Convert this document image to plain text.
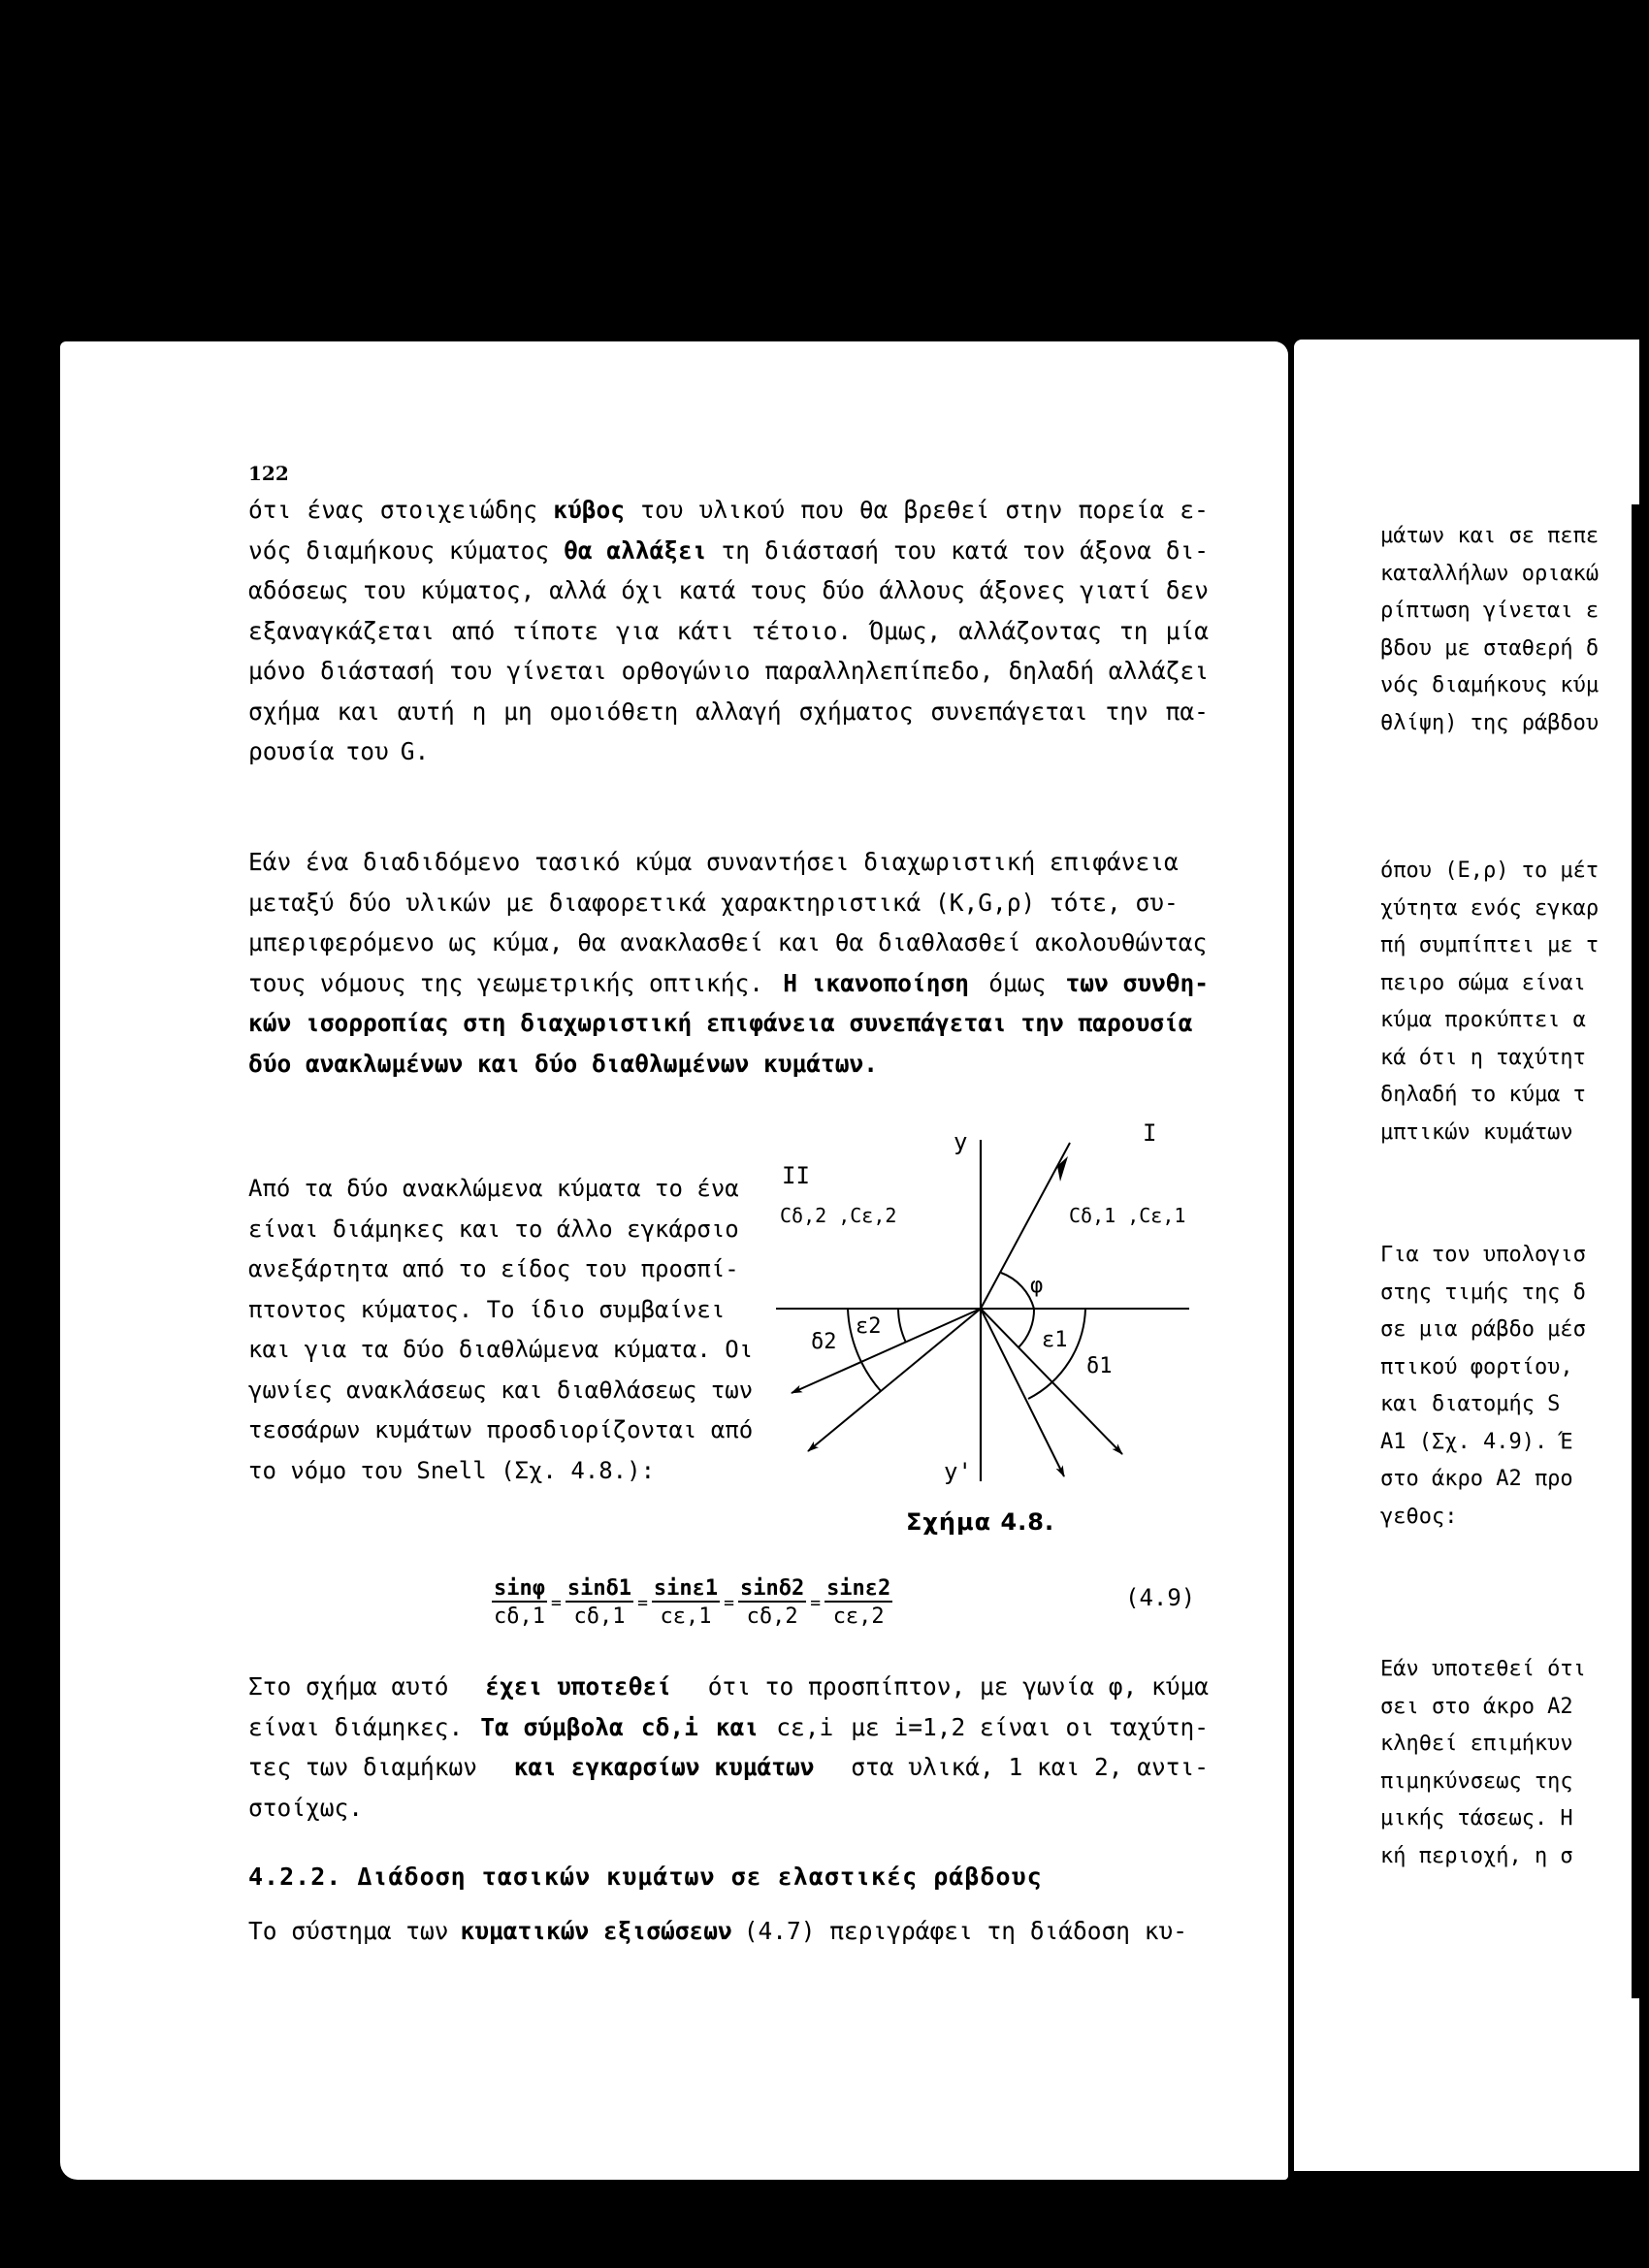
122
ότι ένας στοιχειώδης κύβος του υλικού που θα βρεθεί στην πορεία ε-
νός διαμήκους κύματος θα αλλάξει τη διάστασή του κατά τον άξονα δι-
αδόσεως του κύματος, αλλά όχι κατά τους δύο άλλους άξονες γιατί δεν
εξαναγκάζεται από τίποτε για κάτι τέτοιο. Όμως, αλλάζοντας τη μία
μόνο διάστασή του γίνεται ορθογώνιο παραλληλεπίπεδο, δηλαδή αλλάζει
σχήμα και αυτή η μη ομοιόθετη αλλαγή σχήματος συνεπάγεται την πα-
ρουσία του G.
Εάν ένα διαδιδόμενο τασικό κύμα συναντήσει διαχωριστική επιφάνεια
μεταξύ δύο υλικών με διαφορετικά χαρακτηριστικά (K,G,ρ) τότε, συ-
μπεριφερόμενο ως κύμα, θα ανακλασθεί και θα διαθλασθεί ακολουθώντας
τους νόμους της γεωμετρικής οπτικής. Η ικανοποίηση όμως των συνθη-
κών ισορροπίας στη διαχωριστική επιφάνεια συνεπάγεται την παρουσία
δύο ανακλωμένων και δύο διαθλωμένων κυμάτων.
Από τα δύο ανακλώμενα κύματα το ένα
είναι διάμηκες και το άλλο εγκάρσιο
ανεξάρτητα από το είδος του προσπί-
πτοντος κύματος. Το ίδιο συμβαίνει
και για τα δύο διαθλώμενα κύματα. Οι
γωνίες ανακλάσεως και διαθλάσεως των
τεσσάρων κυμάτων προσδιορίζονται από
το νόμο του Snell (Σχ. 4.8.):
y
y'
I
II
Cδ,1 ,Cε,1
Cδ,2 ,Cε,2
φ
ε1
δ1
ε2
δ2
Σχήμα 4.8.
$\frac{\sin\varphi}{c\delta,1} = \frac{\sin\delta 1}{c\delta,1} = \frac{\sin\varepsilon 1}{c\varepsilon,1} = \frac{\sin\delta 2}{c\delta,2} = \frac{\sin\varepsilon 2}{c\varepsilon,2}$	(4.9)
Στο σχήμα αυτό έχει υποτεθεί ότι το προσπίπτον, με γωνία φ, κύμα
είναι διάμηκες. Τα σύμβολα cδ,i και cε,i με i=1,2 είναι οι ταχύτη-
τες των διαμήκων και εγκαρσίων κυμάτων στα υλικά, 1 και 2, αντι-
στοίχως.
4.2.2. Διάδοση τασικών κυμάτων σε ελαστικές ράβδους
Το σύστημα των κυματικών εξισώσεων (4.7) περιγράφει τη διάδοση κυ-
μάτων και σε πεπε
καταλλήλων οριακώ
ρίπτωση γίνεται ε
βδου με σταθερή δ
νός διαμήκους κύμ
θλίψη) της ράβδου
όπου (E,ρ) το μέτ
χύτητα ενός εγκαρ
πή συμπίπτει με τ
πειρο σώμα είναι
κύμα προκύπτει α
κά ότι η ταχύτητ
δηλαδή το κύμα τ
μπτικών κυμάτων
Για τον υπολογισ
στης τιμής της δ
σε μια ράβδο μέσ
πτικού φορτίου,
και διατομής S
A1 (Σχ. 4.9). Έ
στο άκρο A2 προ
γεθος:
Εάν υποτεθεί ότι
σει στο άκρο A2
κληθεί επιμήκυν
πιμηκύνσεως της
μικής τάσεως. Η
κή περιοχή, η σ
